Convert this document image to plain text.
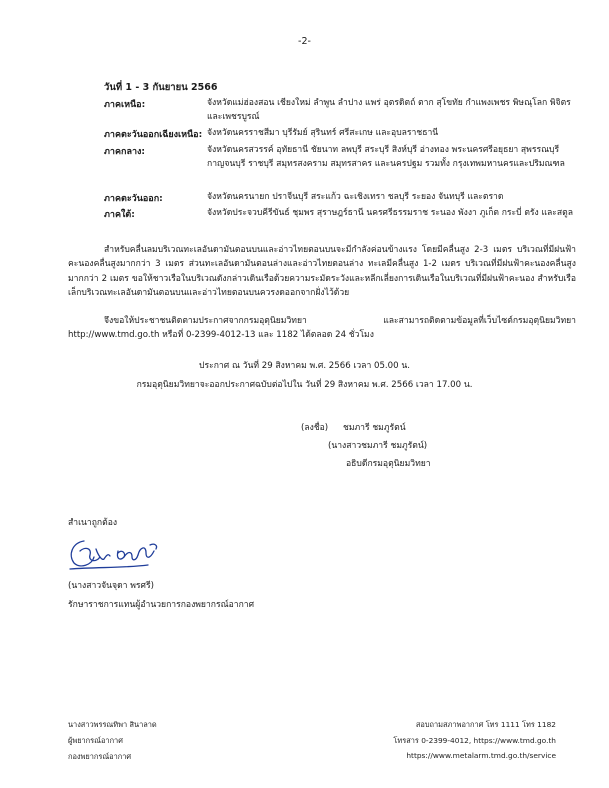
-2-
วันที่ 1 - 3 กันยายน 2566
ภาคเหนือ:	จังหวัดแม่ฮ่องสอน เชียงใหม่ ลำพูน ลำปาง แพร่ อุตรดิตถ์ ตาก สุโขทัย กำแพงเพชร พิษณุโลก พิจิตร และเพชรบูรณ์
ภาคตะวันออกเฉียงเหนือ: จังหวัดนครราชสีมา บุรีรัมย์ สุรินทร์ ศรีสะเกษ และอุบลราชธานี
ภาคกลาง:	จังหวัดนครสวรรค์ อุทัยธานี ชัยนาท ลพบุรี สระบุรี สิงห์บุรี อ่างทอง พระนครศรีอยุธยา สุพรรณบุรี กาญจนบุรี ราชบุรี สมุทรสงคราม สมุทรสาคร และนครปฐม รวมทั้ง กรุงเทพมหานครและปริมณฑล
ภาคตะวันออก:	จังหวัดนครนายก ปราจีนบุรี สระแก้ว ฉะเชิงเทรา ชลบุรี ระยอง จันทบุรี และตราด
ภาคใต้:	จังหวัดประจวบคีรีขันธ์ ชุมพร สุราษฎร์ธานี นครศรีธรรมราช ระนอง พังงา ภูเก็ต กระบี่ ตรัง และสตูล
สำหรับคลื่นลมบริเวณทะเลอันดามันตอนบนและอ่าวไทยตอนบนจะมีกำลังค่อนข้างแรง โดยมีคลื่นสูง 2-3 เมตร บริเวณที่มีฝนฟ้าคะนองคลื่นสูงมากกว่า 3 เมตร ส่วนทะเลอันดามันตอนล่างและอ่าวไทยตอนล่าง ทะเลมีคลื่นสูง 1-2 เมตร บริเวณที่มีฝนฟ้าคะนองคลื่นสูงมากกว่า 2 เมตร ขอให้ชาวเรือในบริเวณดังกล่าวเดินเรือด้วยความระมัดระวังและหลีกเลี่ยงการเดินเรือในบริเวณที่มีฝนฟ้าคะนอง สำหรับเรือเล็กบริเวณทะเลอันดามันตอนบนและอ่าวไทยตอนบนควรงดออกจากฝั่งไว้ด้วย
จึงขอให้ประชาชนติดตามประกาศจากกรมอุตุนิยมวิทยา และสามารถติดตามข้อมูลที่เว็บไซต์กรมอุตุนิยมวิทยา http://www.tmd.go.th หรือที่ 0-2399-4012-13 และ 1182 ได้ตลอด 24 ชั่วโมง
ประกาศ ณ วันที่ 29 สิงหาคม พ.ศ. 2566 เวลา 05.00 น.
กรมอุตุนิยมวิทยาจะออกประกาศฉบับต่อไปใน วันที่ 29 สิงหาคม พ.ศ. 2566 เวลา 17.00 น.
(ลงชื่อ) ชมภารี ชมภูรัตน์
(นางสาวชมภารี ชมภูรัตน์)
อธิบดีกรมอุตุนิยมวิทยา
สำเนาถูกต้อง
(นางสาวจันจุดา พรศรี)
รักษาราชการแทนผู้อำนวยการกองพยากรณ์อากาศ
นางสาวพรรณทิพา สินาลาด
ผู้พยากรณ์อากาศ
กองพยากรณ์อากาศ
สอบถามสภาพอากาศ โทร 1111 โทร 1182
โทรสาร 0-2399-4012, https://www.tmd.go.th
https://www.metalarm.tmd.go.th/service
